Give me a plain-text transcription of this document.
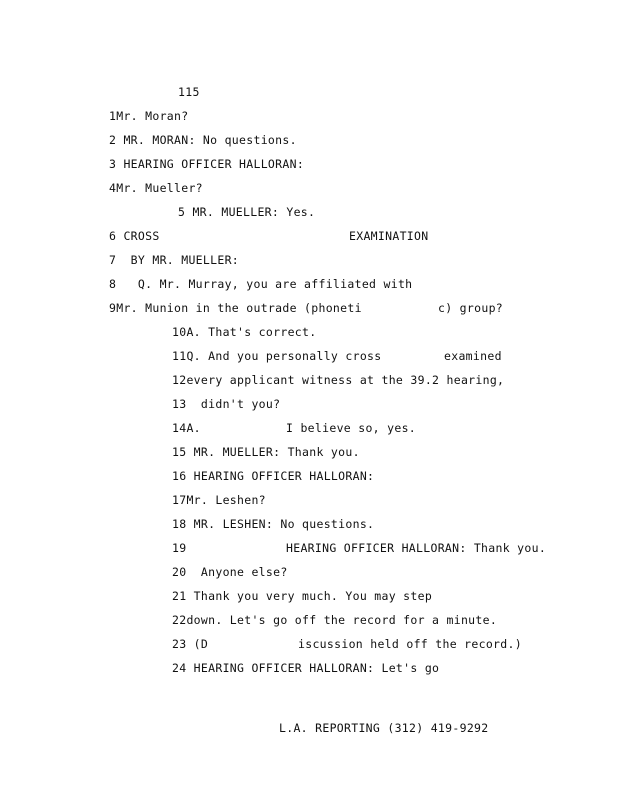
115
1Mr. Moran?
2 MR. MORAN: No questions.
3 HEARING OFFICER HALLORAN:
4Mr. Mueller?
5 MR. MUELLER: Yes.
6 CROSS	EXAMINATION
7  BY MR. MUELLER:
8   Q. Mr. Murray, you are affiliated with
9Mr. Munion in the outrade (phoneti	c) group?
10A. That's correct.
11Q. And you personally cross	examined
12every applicant witness at the 39.2 hearing,
13  didn't you?
14A.	I believe so, yes.
15 MR. MUELLER: Thank you.
16 HEARING OFFICER HALLORAN:
17Mr. Leshen?
18 MR. LESHEN: No questions.
19	HEARING OFFICER HALLORAN: Thank you.
20  Anyone else?
21 Thank you very much. You may step
22down. Let's go off the record for a minute.
23 (D	iscussion held off the record.)
24 HEARING OFFICER HALLORAN: Let's go
L.A. REPORTING (312) 419-9292
